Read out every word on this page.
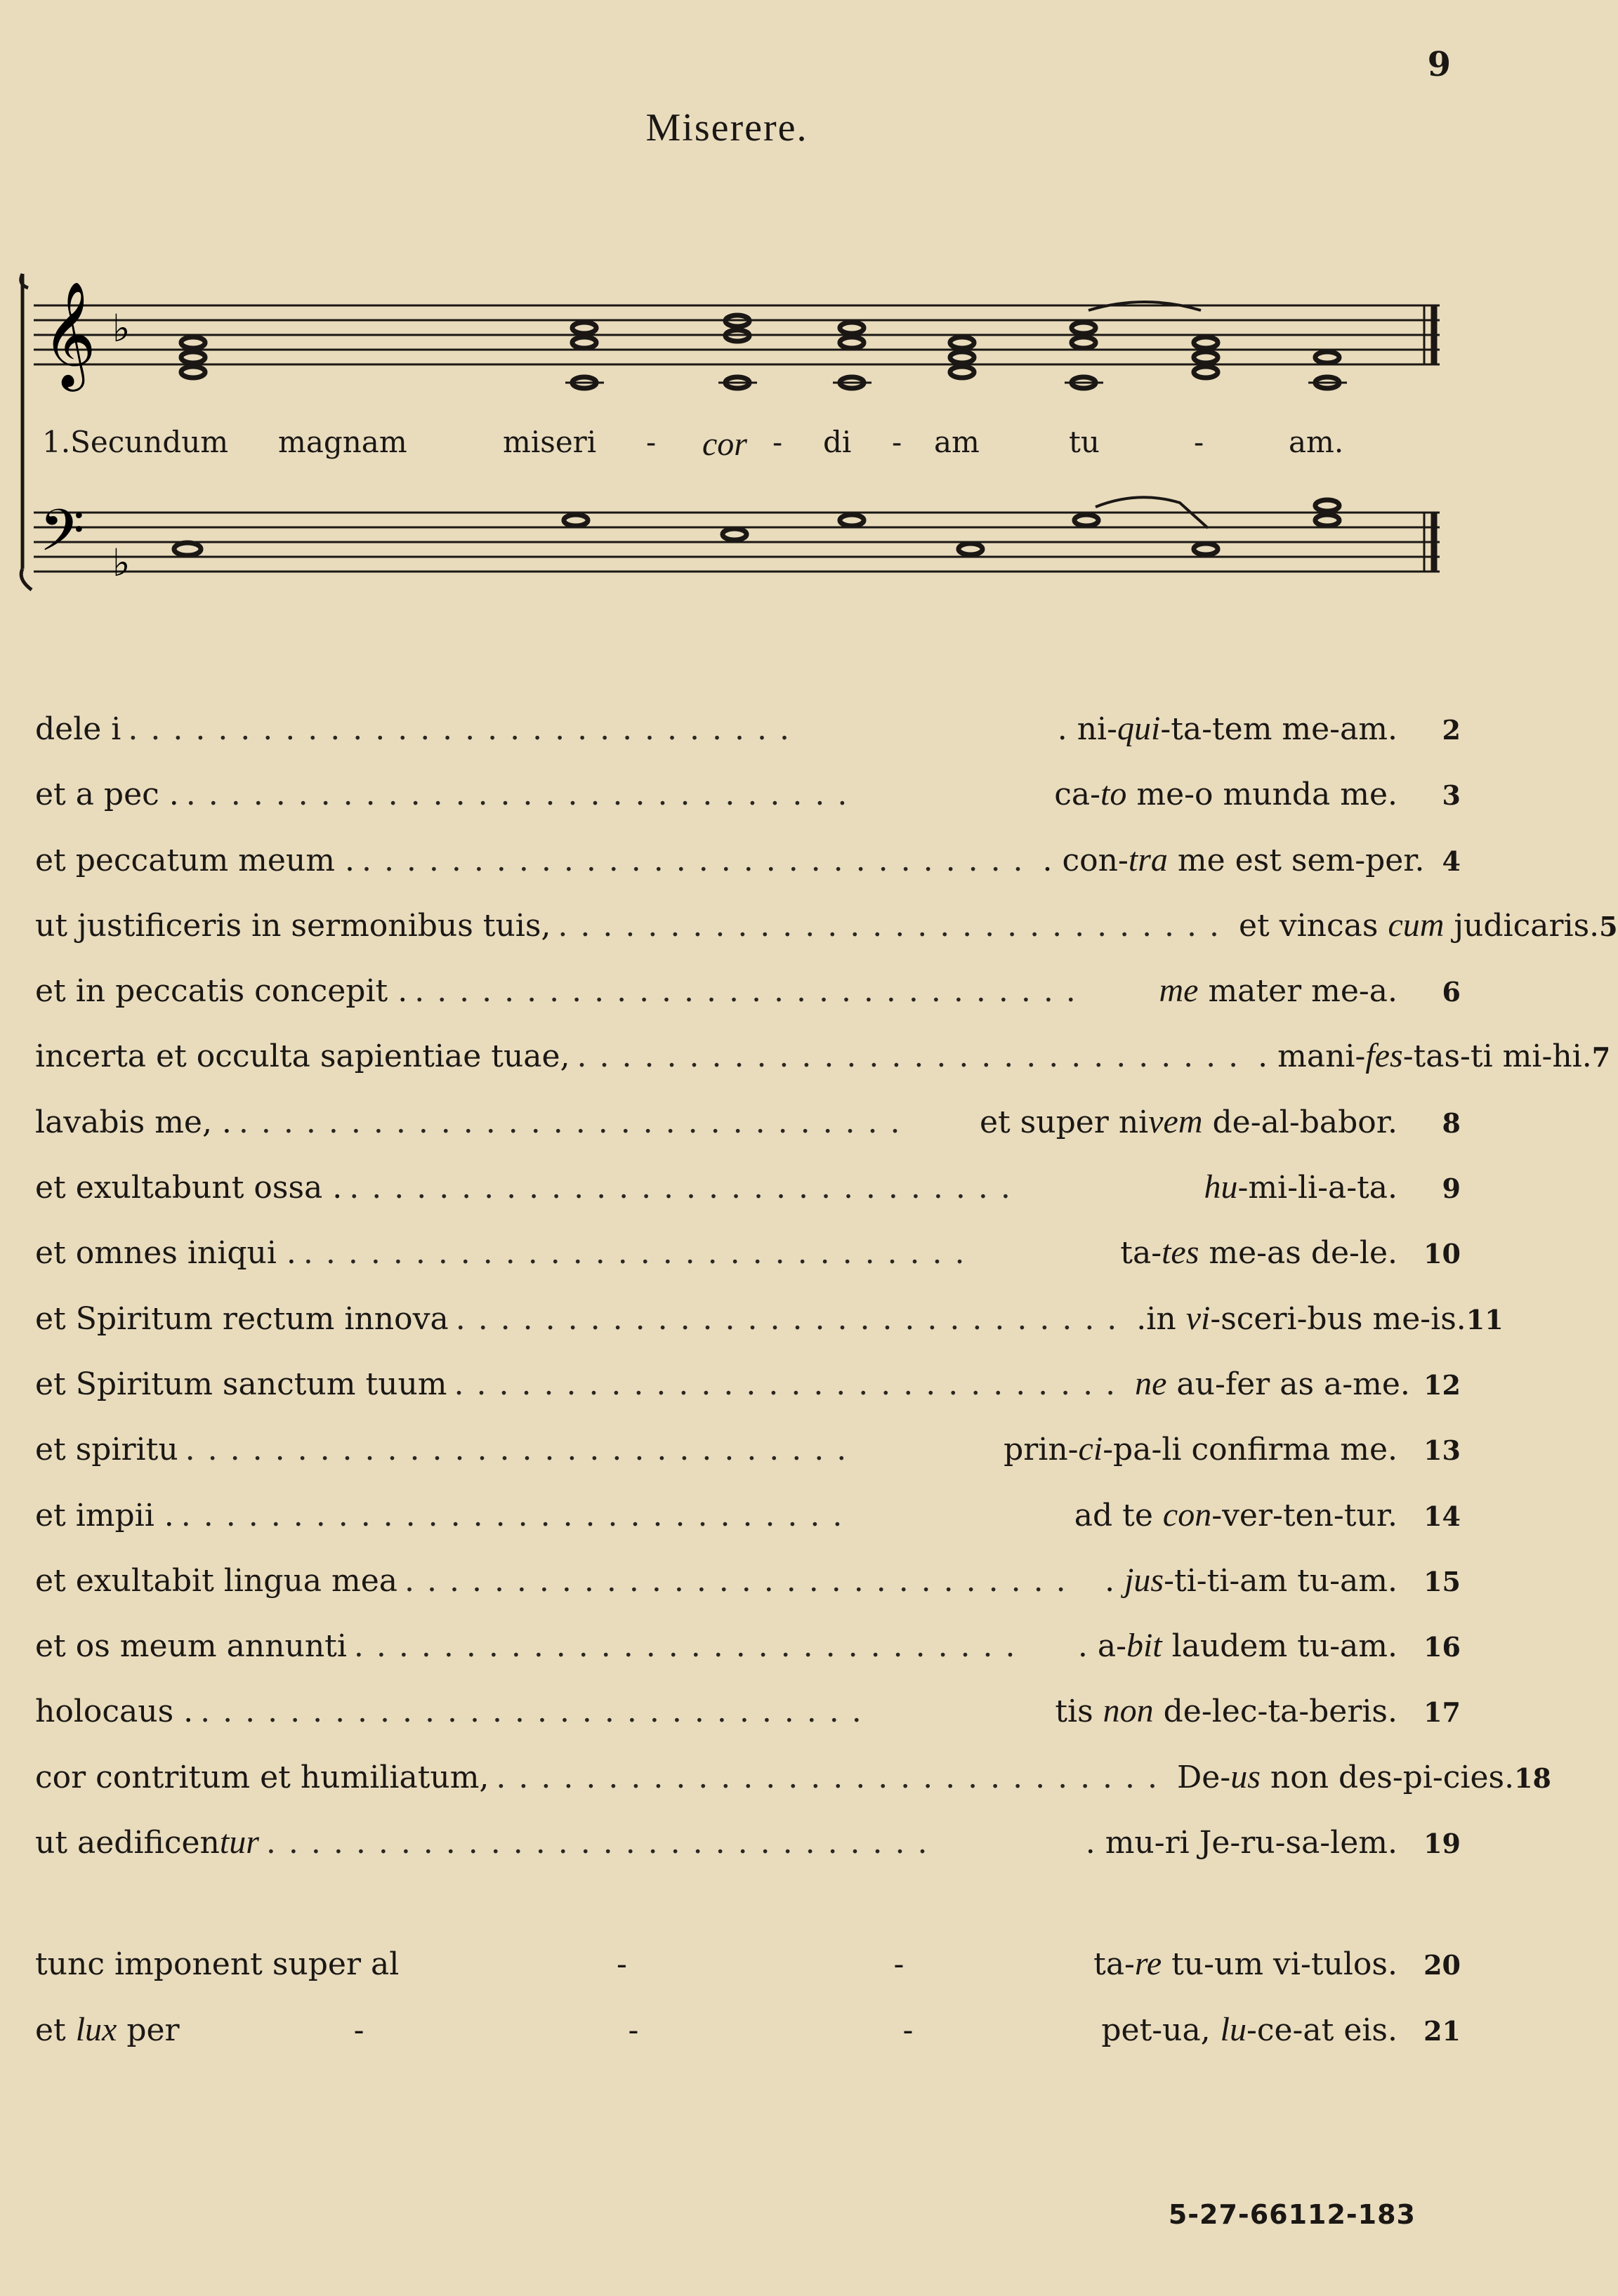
9
Miserere.
𝄞 ♭
𝄢 ♭
1.Secundum magnam	miseri - cor - di - am	tu	-	am.
dele i ..............................	. ni-qui-ta-tem me-am.	2
et a pec . ..............................	ca-to me-o munda me.	3
et peccatum meum . .............................. . con-tra me est sem-per. 4
ut justificeris in sermonibus tuis, .............................. et vincas cum judicaris. 5
et in peccatis concepit . ..............................	me mater me-a.	6
incerta et occulta sapientiae tuae, .............................. . mani-fes-tas-ti mi-hi. 7
lavabis me, . ..............................	et super nivem de-al-babor.	8
et exultabunt ossa . ..............................	hu-mi-li-a-ta.	9
et omnes iniqui . ..............................	ta-tes me-as de-le. 10
et Spiritum rectum innova .............................. .in vi-sceri-bus me-is. 11
et Spiritum sanctum tuum .............................. ne au-fer as a-me. 12
et spiritu ..............................	prin-ci-pa-li confirma me. 13
et impii . ..............................	ad te con-ver-ten-tur. 14
et exultabit lingua mea .............................. . jus-ti-ti-am tu-am. 15
et os meum annunti ..............................	. a-bit laudem tu-am. 16
holocaus . ..............................	tis non de-lec-ta-beris. 17
cor contritum et humiliatum, .............................. De-us non des-pi-cies. 18
ut aedificentur ..............................	. mu-ri Je-ru-sa-lem. 19
tunc imponent super al	-	-	ta-re tu-um vi-tulos. 20
et lux per	-	-	-	pet-ua, lu-ce-at eis. 21
5-27-66112-183
